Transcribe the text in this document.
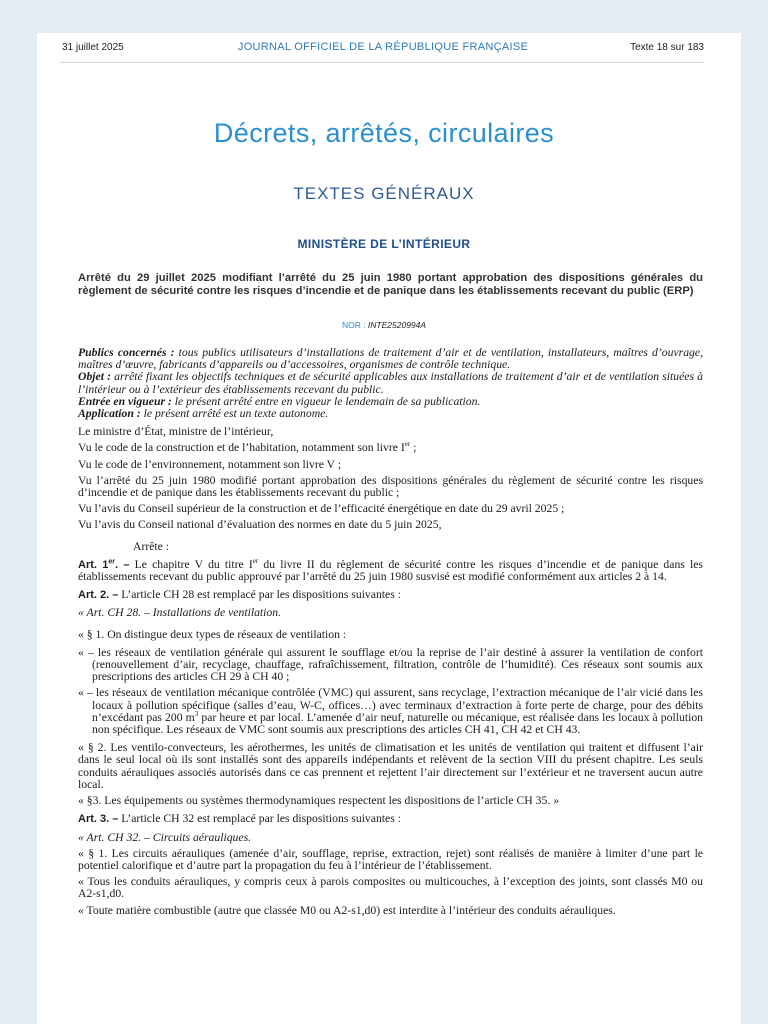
31 juillet 2025	JOURNAL OFFICIEL DE LA RÉPUBLIQUE FRANÇAISE	Texte 18 sur 183
Décrets, arrêtés, circulaires
TEXTES GÉNÉRAUX
MINISTÈRE DE L’INTÉRIEUR
Arrêté du 29 juillet 2025 modifiant l’arrêté du 25 juin 1980 portant approbation des dispositions générales du règlement de sécurité contre les risques d’incendie et de panique dans les établissements recevant du public (ERP)
NOR : INTE2520994A

Publics concernés : tous publics utilisateurs d’installations de traitement d’air et de ventilation, installateurs, maîtres d’ouvrage, maîtres d’œuvre, fabricants d’appareils ou d’accessoires, organismes de contrôle technique.

Objet : arrêté fixant les objectifs techniques et de sécurité applicables aux installations de traitement d’air et de ventilation situées à l’intérieur ou à l’extérieur des établissements recevant du public.

Entrée en vigueur : le présent arrêté entre en vigueur le lendemain de sa publication.

Application : le présent arrêté est un texte autonome.

Le ministre d’État, ministre de l’intérieur,

Vu le code de la construction et de l’habitation, notamment son livre Ier ;

Vu le code de l’environnement, notamment son livre V ;

Vu l’arrêté du 25 juin 1980 modifié portant approbation des dispositions générales du règlement de sécurité contre les risques d’incendie et de panique dans les établissements recevant du public ;

Vu l’avis du Conseil supérieur de la construction et de l’efficacité énergétique en date du 29 avril 2025 ;

Vu l’avis du Conseil national d’évaluation des normes en date du 5 juin 2025,

Arrête :

Art. 1er. – Le chapitre V du titre Ier du livre II du règlement de sécurité contre les risques d’incendie et de panique dans les établissements recevant du public approuvé par l’arrêté du 25 juin 1980 susvisé est modifié conformément aux articles 2 à 14.

Art. 2. – L’article CH 28 est remplacé par les dispositions suivantes :

« Art. CH 28. – Installations de ventilation.

« § 1. On distingue deux types de réseaux de ventilation :

« – les réseaux de ventilation générale qui assurent le soufflage et/ou la reprise de l’air destiné à assurer la ventilation de confort (renouvellement d’air, recyclage, chauffage, rafraîchissement, filtration, contrôle de l’humidité). Ces réseaux sont soumis aux prescriptions des articles CH 29 à CH 40 ;

« – les réseaux de ventilation mécanique contrôlée (VMC) qui assurent, sans recyclage, l’extraction mécanique de l’air vicié dans les locaux à pollution spécifique (salles d’eau, W-C, offices…) avec terminaux d’extraction à forte perte de charge, pour des débits n’excédant pas 200 $m^3$ par heure et par local. L’amenée d’air neuf, naturelle ou mécanique, est réalisée dans les locaux à pollution non spécifique. Les réseaux de VMC sont soumis aux prescriptions des articles CH 41, CH 42 et CH 43.

« § 2. Les ventilo-convecteurs, les aérothermes, les unités de climatisation et les unités de ventilation qui traitent et diffusent l’air dans le seul local où ils sont installés sont des appareils indépendants et relèvent de la section VIII du présent chapitre. Les seuls conduits aérauliques associés autorisés dans ce cas prennent et rejettent l’air directement sur l’extérieur et ne traversent aucun autre local.

« §3. Les équipements ou systèmes thermodynamiques respectent les dispositions de l’article CH 35. »

Art. 3. – L’article CH 32 est remplacé par les dispositions suivantes :

« Art. CH 32. – Circuits aérauliques.

« § 1. Les circuits aérauliques (amenée d’air, soufflage, reprise, extraction, rejet) sont réalisés de manière à limiter d’une part le potentiel calorifique et d’autre part la propagation du feu à l’intérieur de l’établissement.

« Tous les conduits aérauliques, y compris ceux à parois composites ou multicouches, à l’exception des joints, sont classés M0 ou A2-s1,d0.

« Toute matière combustible (autre que classée M0 ou A2-s1,d0) est interdite à l’intérieur des conduits aérauliques.
